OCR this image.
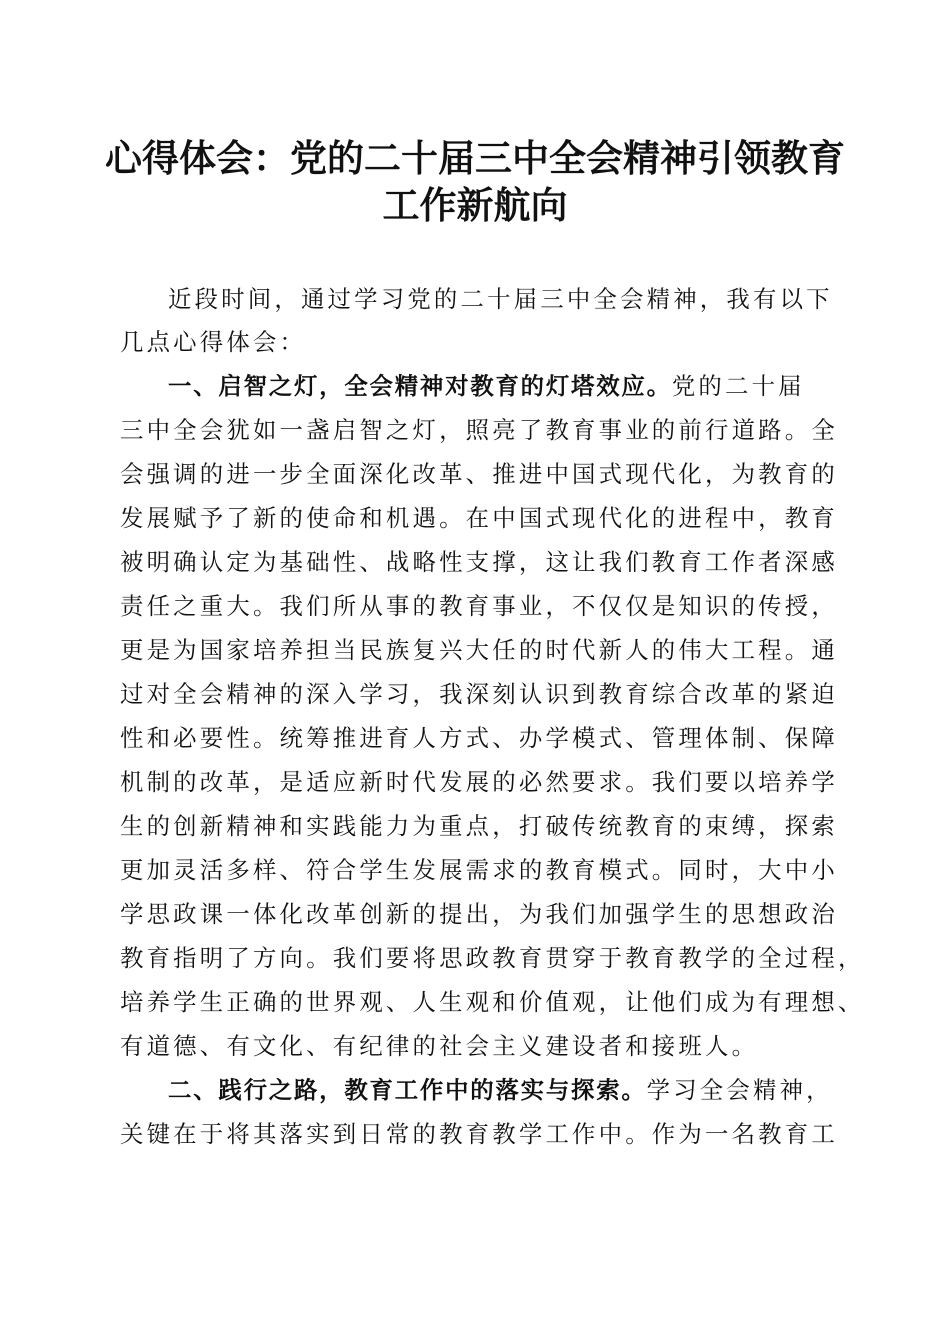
心得体会：党的二十届三中全会精神引领教育
工作新航向
近段时间，通过学习党的二十届三中全会精神，我有以下
几点心得体会：
一、启智之灯，全会精神对教育的灯塔效应。党的二十届
三中全会犹如一盏启智之灯，照亮了教育事业的前行道路。全
会强调的进一步全面深化改革、推进中国式现代化，为教育的
发展赋予了新的使命和机遇。在中国式现代化的进程中，教育
被明确认定为基础性、战略性支撑，这让我们教育工作者深感
责任之重大。我们所从事的教育事业，不仅仅是知识的传授，
更是为国家培养担当民族复兴大任的时代新人的伟大工程。通
过对全会精神的深入学习，我深刻认识到教育综合改革的紧迫
性和必要性。统筹推进育人方式、办学模式、管理体制、保障
机制的改革，是适应新时代发展的必然要求。我们要以培养学
生的创新精神和实践能力为重点，打破传统教育的束缚，探索
更加灵活多样、符合学生发展需求的教育模式。同时，大中小
学思政课一体化改革创新的提出，为我们加强学生的思想政治
教育指明了方向。我们要将思政教育贯穿于教育教学的全过程，
培养学生正确的世界观、人生观和价值观，让他们成为有理想、
有道德、有文化、有纪律的社会主义建设者和接班人。
二、践行之路，教育工作中的落实与探索。学习全会精神，
关键在于将其落实到日常的教育教学工作中。作为一名教育工
